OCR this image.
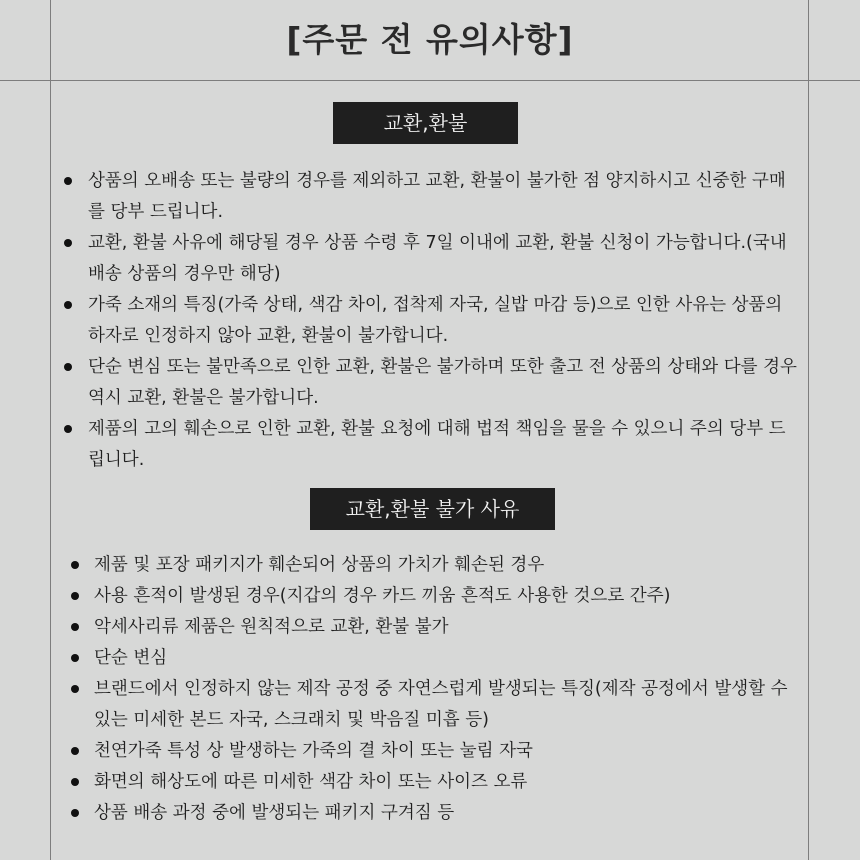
[주문 전 유의사항]
교환,환불
상품의 오배송 또는 불량의 경우를 제외하고 교환, 환불이 불가한 점 양지하시고 신중한 구매를 당부 드립니다.
교환, 환불 사유에 해당될 경우 상품 수령 후 7일 이내에 교환, 환불 신청이 가능합니다.(국내배송 상품의 경우만 해당)
가죽 소재의 특징(가죽 상태, 색감 차이, 접착제 자국, 실밥 마감 등)으로 인한 사유는 상품의 하자로 인정하지 않아 교환, 환불이 불가합니다.
단순 변심 또는 불만족으로 인한 교환, 환불은 불가하며 또한 출고 전 상품의 상태와 다를 경우 역시 교환, 환불은 불가합니다.
제품의 고의 훼손으로 인한 교환, 환불 요청에 대해 법적 책임을 물을 수 있으니 주의 당부 드립니다.
교환,환불 불가 사유
제품 및 포장 패키지가 훼손되어 상품의 가치가 훼손된 경우
사용 흔적이 발생된 경우(지갑의 경우 카드 끼움 흔적도 사용한 것으로 간주)
악세사리류 제품은 원칙적으로 교환, 환불 불가
단순 변심
브랜드에서 인정하지 않는 제작 공정 중 자연스럽게 발생되는 특징(제작 공정에서 발생할 수 있는 미세한 본드 자국, 스크래치 및 박음질 미흡 등)
천연가죽 특성 상 발생하는 가죽의 결 차이 또는 눌림 자국
화면의 해상도에 따른 미세한 색감 차이 또는 사이즈 오류
상품 배송 과정 중에 발생되는 패키지 구겨짐 등
